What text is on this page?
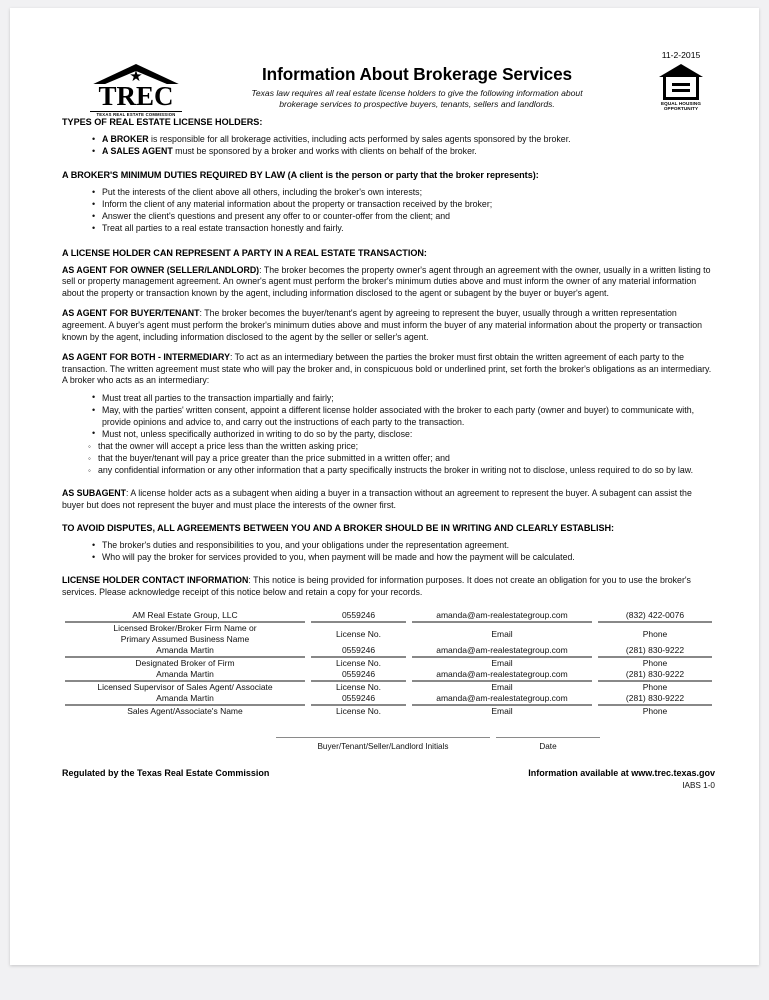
★
TREC
TEXAS REAL ESTATE COMMISSION
Information About Brokerage Services
Texas law requires all real estate license holders to give the following information about
brokerage services to prospective buyers, tenants, sellers and landlords.
11-2-2015
EQUAL HOUSING
OPPORTUNITY
TYPES OF REAL ESTATE LICENSE HOLDERS:
• A BROKER is responsible for all brokerage activities, including acts performed by sales agents sponsored by the broker.
• A SALES AGENT must be sponsored by a broker and works with clients on behalf of the broker.
A BROKER'S MINIMUM DUTIES REQUIRED BY LAW (A client is the person or party that the broker represents):
• Put the interests of the client above all others, including the broker's own interests;
• Inform the client of any material information about the property or transaction received by the broker;
• Answer the client's questions and present any offer to or counter-offer from the client; and
• Treat all parties to a real estate transaction honestly and fairly.
A LICENSE HOLDER CAN REPRESENT A PARTY IN A REAL ESTATE TRANSACTION:

AS AGENT FOR OWNER (SELLER/LANDLORD): The broker becomes the property owner's agent through an agreement with the owner, usually in a written listing to sell or property management agreement. An owner's agent must perform the broker's minimum duties above and must inform the owner of any material information about the property or transaction known by the agent, including information disclosed to the agent or subagent by the buyer or buyer's agent.

AS AGENT FOR BUYER/TENANT: The broker becomes the buyer/tenant's agent by agreeing to represent the buyer, usually through a written representation agreement. A buyer's agent must perform the broker's minimum duties above and must inform the buyer of any material information about the property or transaction known by the agent, including information disclosed to the agent by the seller or seller's agent.

AS AGENT FOR BOTH - INTERMEDIARY: To act as an intermediary between the parties the broker must first obtain the written agreement of each party to the transaction. The written agreement must state who will pay the broker and, in conspicuous bold or underlined print, set forth the broker's obligations as an intermediary. A broker who acts as an intermediary:

• Must treat all parties to the transaction impartially and fairly;
• May, with the parties' written consent, appoint a different license holder associated with the broker to each party (owner and buyer) to communicate with, provide opinions and advice to, and carry out the instructions of each party to the transaction.
• Must not, unless specifically authorized in writing to do so by the party, disclose:
◦ that the owner will accept a price less than the written asking price;
◦ that the buyer/tenant will pay a price greater than the price submitted in a written offer; and
◦ any confidential information or any other information that a party specifically instructs the broker in writing not to disclose, unless required to do so by law.

AS SUBAGENT: A license holder acts as a subagent when aiding a buyer in a transaction without an agreement to represent the buyer. A subagent can assist the buyer but does not represent the buyer and must place the interests of the owner first.

TO AVOID DISPUTES, ALL AGREEMENTS BETWEEN YOU AND A BROKER SHOULD BE IN WRITING AND CLEARLY ESTABLISH:
• The broker's duties and responsibilities to you, and your obligations under the representation agreement.
• Who will pay the broker for services provided to you, when payment will be made and how the payment will be calculated.

LICENSE HOLDER CONTACT INFORMATION: This notice is being provided for information purposes. It does not create an obligation for you to use the broker's services. Please acknowledge receipt of this notice below and retain a copy for your records.

AM Real Estate Group, LLC	0559246	amanda@am-realestategroup.com	(832) 422-0076

Licensed Broker/Broker Firm Name or
Primary Assumed Business Name	License No.	Email	Phone
Amanda Martin	0559246	amanda@am-realestategroup.com	(281) 830-9222

Designated Broker of Firm	License No.	Email	Phone
Amanda Martin	0559246	amanda@am-realestategroup.com	(281) 830-9222

Licensed Supervisor of Sales Agent/ Associate	License No.	Email	Phone
Amanda Martin	0559246	amanda@am-realestategroup.com	(281) 830-9222

Sales Agent/Associate's Name	License No.	Email	Phone
Buyer/Tenant/Seller/Landlord Initials	Date
Regulated by the Texas Real Estate Commission	Information available at www.trec.texas.gov
IABS 1-0
